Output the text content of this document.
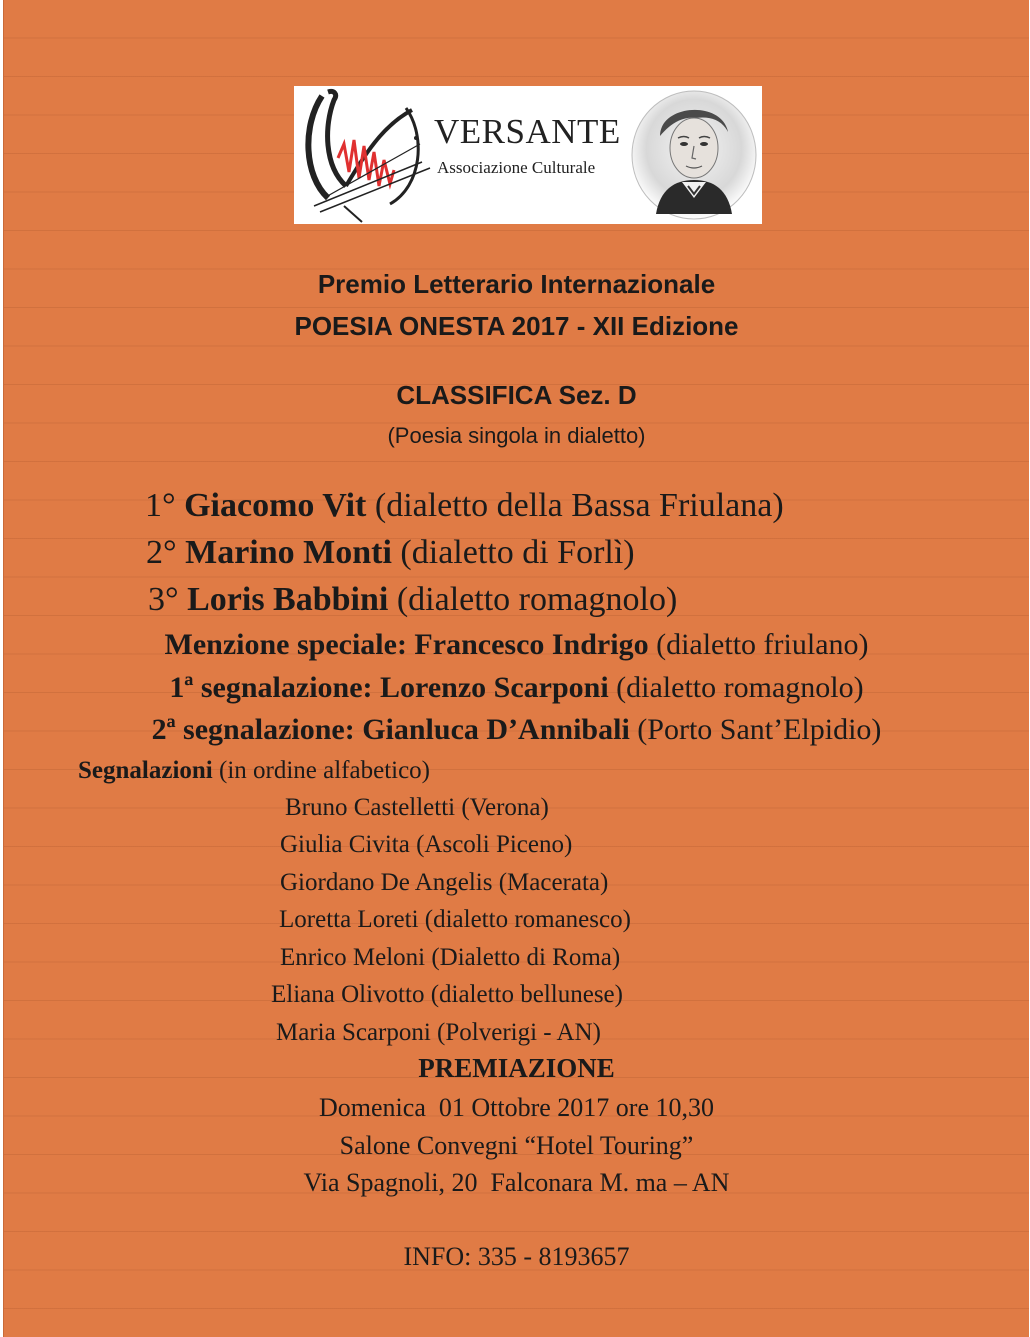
VERSANTE
Associazione Culturale
Premio Letterario Internazionale
POESIA ONESTA 2017 - XII Edizione
CLASSIFICA Sez. D
(Poesia singola in dialetto)
1° Giacomo Vit (dialetto della Bassa Friulana)
2° Marino Monti (dialetto di Forlì)
3° Loris Babbini (dialetto romagnolo)
Menzione speciale: Francesco Indrigo (dialetto friulano)
1ª segnalazione: Lorenzo Scarponi (dialetto romagnolo)
2ª segnalazione: Gianluca D’Annibali (Porto Sant’Elpidio)
Segnalazioni (in ordine alfabetico)
Bruno Castelletti (Verona)
Giulia Civita (Ascoli Piceno)
Giordano De Angelis (Macerata)
Loretta Loreti (dialetto romanesco)
Enrico Meloni (Dialetto di Roma)
Eliana Olivotto (dialetto bellunese)
Maria Scarponi (Polverigi - AN)
PREMIAZIONE
Domenica  01 Ottobre 2017 ore 10,30
Salone Convegni “Hotel Touring”
Via Spagnoli, 20  Falconara M. ma – AN
INFO: 335 - 8193657
